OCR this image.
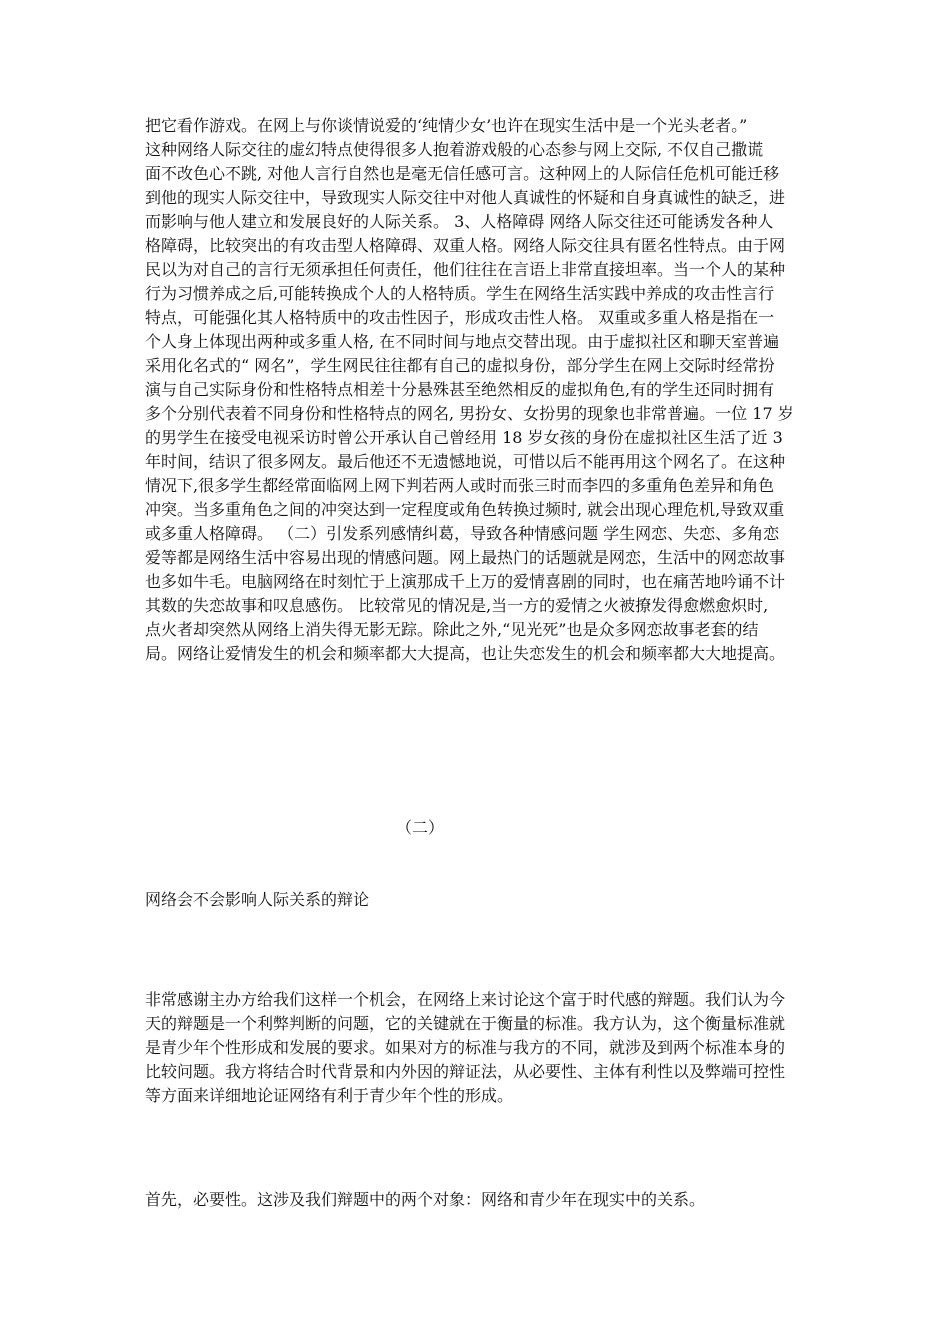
把它看作游戏。在网上与你谈情说爱的‘纯情少女’也许在现实生活中是一个光头老者。”
这种网络人际交往的虚幻特点使得很多人抱着游戏般的心态参与网上交际, 不仅自己撒谎
面不改色心不跳, 对他人言行自然也是毫无信任感可言。这种网上的人际信任危机可能迁移
到他的现实人际交往中，导致现实人际交往中对他人真诚性的怀疑和自身真诚性的缺乏，进
而影响与他人建立和发展良好的人际关系。 3、人格障碍 网络人际交往还可能诱发各种人
格障碍，比较突出的有攻击型人格障碍、双重人格。网络人际交往具有匿名性特点。由于网
民以为对自己的言行无须承担任何责任，他们往往在言语上非常直接坦率。当一个人的某种
行为习惯养成之后,可能转换成个人的人格特质。学生在网络生活实践中养成的攻击性言行
特点，可能强化其人格特质中的攻击性因子，形成攻击性人格。 双重或多重人格是指在一
个人身上体现出两种或多重人格, 在不同时间与地点交替出现。由于虚拟社区和聊天室普遍
采用化名式的“ 网名”，学生网民往往都有自己的虚拟身份，部分学生在网上交际时经常扮
演与自己实际身份和性格特点相差十分悬殊甚至绝然相反的虚拟角色,有的学生还同时拥有
多个分别代表着不同身份和性格特点的网名, 男扮女、女扮男的现象也非常普遍。一位 17 岁
的男学生在接受电视采访时曾公开承认自己曾经用 18 岁女孩的身份在虚拟社区生活了近 3
年时间，结识了很多网友。最后他还不无遗憾地说，可惜以后不能再用这个网名了。在这种
情况下,很多学生都经常面临网上网下判若两人或时而张三时而李四的多重角色差异和角色
冲突。当多重角色之间的冲突达到一定程度或角色转换过频时, 就会出现心理危机,导致双重
或多重人格障碍。 （二）引发系列感情纠葛，导致各种情感问题 学生网恋、失恋、多角恋
爱等都是网络生活中容易出现的情感问题。网上最热门的话题就是网恋，生活中的网恋故事
也多如牛毛。电脑网络在时刻忙于上演那成千上万的爱情喜剧的同时，也在痛苦地吟诵不计
其数的失恋故事和叹息感伤。 比较常见的情况是,当一方的爱情之火被撩发得愈燃愈炽时,
点火者却突然从网络上消失得无影无踪。除此之外,“见光死”也是众多网恋故事老套的结
局。网络让爱情发生的机会和频率都大大提高，也让失恋发生的机会和频率都大大地提高。
（二）
网络会不会影响人际关系的辩论
非常感谢主办方给我们这样一个机会，在网络上来讨论这个富于时代感的辩题。我们认为今
天的辩题是一个利弊判断的问题，它的关键就在于衡量的标准。我方认为，这个衡量标准就
是青少年个性形成和发展的要求。如果对方的标准与我方的不同，就涉及到两个标准本身的
比较问题。我方将结合时代背景和内外因的辩证法，从必要性、主体有利性以及弊端可控性
等方面来详细地论证网络有利于青少年个性的形成。
首先，必要性。这涉及我们辩题中的两个对象：网络和青少年在现实中的关系。
